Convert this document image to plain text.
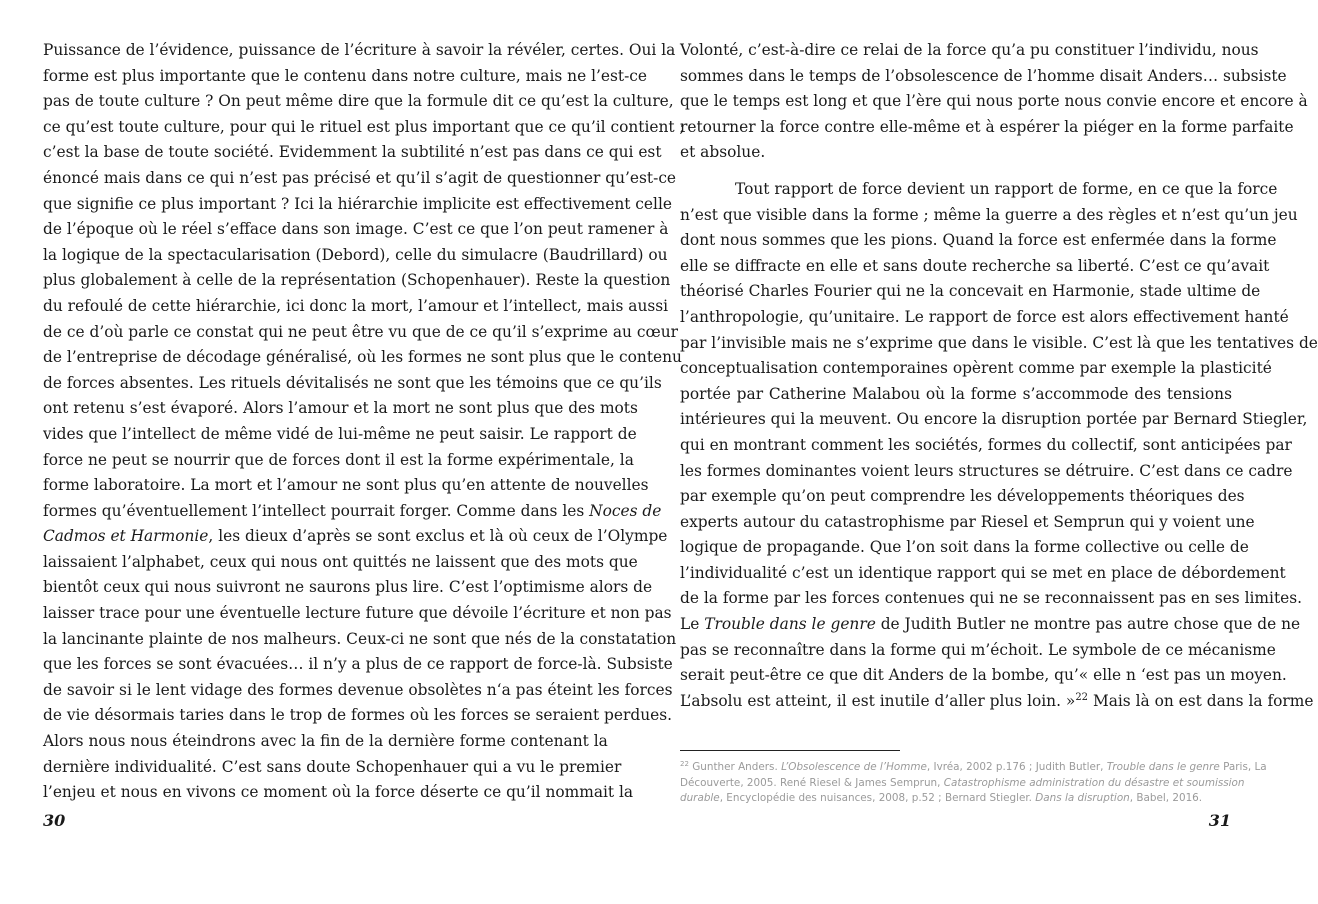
Puissance de l’évidence, puissance de l’écriture à savoir la révéler, certes. Oui la
forme est plus importante que le contenu dans notre culture, mais ne l’est-ce
pas de toute culture ? On peut même dire que la formule dit ce qu’est la culture,
ce qu’est toute culture, pour qui le rituel est plus important que ce qu’il contient ;
c’est la base de toute société. Evidemment la subtilité n’est pas dans ce qui est
énoncé mais dans ce qui n’est pas précisé et qu’il s’agit de questionner qu’est-ce
que signifie ce plus important ? Ici la hiérarchie implicite est effectivement celle
de l’époque où le réel s’efface dans son image. C’est ce que l’on peut ramener à
la logique de la spectacularisation (Debord), celle du simulacre (Baudrillard) ou
plus globalement à celle de la représentation (Schopenhauer). Reste la question
du refoulé de cette hiérarchie, ici donc la mort, l’amour et l’intellect, mais aussi
de ce d’où parle ce constat qui ne peut être vu que de ce qu’il s’exprime au cœur
de l’entreprise de décodage généralisé, où les formes ne sont plus que le contenu
de forces absentes. Les rituels dévitalisés ne sont que les témoins que ce qu’ils
ont retenu s’est évaporé. Alors l’amour et la mort ne sont plus que des mots
vides que l’intellect de même vidé de lui-même ne peut saisir. Le rapport de
force ne peut se nourrir que de forces dont il est la forme expérimentale, la
forme laboratoire. La mort et l’amour ne sont plus qu’en attente de nouvelles
formes qu’éventuellement l’intellect pourrait forger. Comme dans les Noces de
Cadmos et Harmonie, les dieux d’après se sont exclus et là où ceux de l’Olympe
laissaient l’alphabet, ceux qui nous ont quittés ne laissent que des mots que
bientôt ceux qui nous suivront ne saurons plus lire. C’est l’optimisme alors de
laisser trace pour une éventuelle lecture future que dévoile l’écriture et non pas
la lancinante plainte de nos malheurs. Ceux-ci ne sont que nés de la constatation
que les forces se sont évacuées… il n’y a plus de ce rapport de force-là. Subsiste
de savoir si le lent vidage des formes devenue obsolètes n‘a pas éteint les forces
de vie désormais taries dans le trop de formes où les forces se seraient perdues.
Alors nous nous éteindrons avec la fin de la dernière forme contenant la
dernière individualité. C’est sans doute Schopenhauer qui a vu le premier
l’enjeu et nous en vivons ce moment où la force déserte ce qu’il nommait la
30
Volonté, c’est-à-dire ce relai de la force qu’a pu constituer l’individu, nous
sommes dans le temps de l’obsolescence de l’homme disait Anders… subsiste
que le temps est long et que l’ère qui nous porte nous convie encore et encore à
retourner la force contre elle-même et à espérer la piéger en la forme parfaite
et absolue.
Tout rapport de force devient un rapport de forme, en ce que la force
n’est que visible dans la forme ; même la guerre a des règles et n’est qu’un jeu
dont nous sommes que les pions. Quand la force est enfermée dans la forme
elle se diffracte en elle et sans doute recherche sa liberté. C’est ce qu’avait
théorisé Charles Fourier qui ne la concevait en Harmonie, stade ultime de
l’anthropologie, qu’unitaire. Le rapport de force est alors effectivement hanté
par l’invisible mais ne s’exprime que dans le visible. C’est là que les tentatives de
conceptualisation contemporaines opèrent comme par exemple la plasticité
portée par Catherine Malabou où la forme s’accommode des tensions
intérieures qui la meuvent. Ou encore la disruption portée par Bernard Stiegler,
qui en montrant comment les sociétés, formes du collectif, sont anticipées par
les formes dominantes voient leurs structures se détruire. C’est dans ce cadre
par exemple qu’on peut comprendre les développements théoriques des
experts autour du catastrophisme par Riesel et Semprun qui y voient une
logique de propagande. Que l’on soit dans la forme collective ou celle de
l’individualité c’est un identique rapport qui se met en place de débordement
de la forme par les forces contenues qui ne se reconnaissent pas en ses limites.
Le Trouble dans le genre de Judith Butler ne montre pas autre chose que de ne
pas se reconnaître dans la forme qui m’échoit. Le symbole de ce mécanisme
serait peut-être ce que dit Anders de la bombe, qu’« elle n ‘est pas un moyen.
L’absolu est atteint, il est inutile d’aller plus loin. »$^{22}$ Mais là on est dans la forme
$^{22}$ Gunther Anders. L’Obsolescence de l’Homme, Ivréa, 2002 p.176 ; Judith Butler, Trouble dans le genre Paris, La
Découverte, 2005. René Riesel & James Semprun, Catastrophisme administration du désastre et soumission
durable, Encyclopédie des nuisances, 2008, p.52 ; Bernard Stiegler. Dans la disruption, Babel, 2016.
31
